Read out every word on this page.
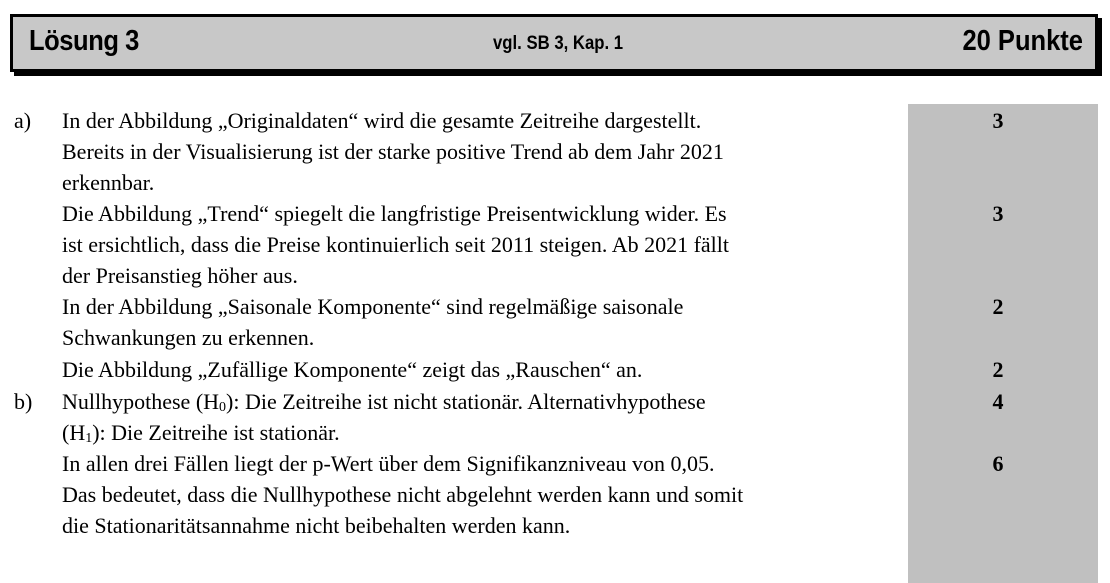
Lösung 3	vgl. SB 3, Kap. 1	20 Punkte
a)
b)
In der Abbildung „Originaldaten“ wird die gesamte Zeitreihe dargestellt.
Bereits in der Visualisierung ist der starke positive Trend ab dem Jahr 2021
erkennbar.
Die Abbildung „Trend“ spiegelt die langfristige Preisentwicklung wider. Es
ist ersichtlich, dass die Preise kontinuierlich seit 2011 steigen. Ab 2021 fällt
der Preisanstieg höher aus.
In der Abbildung „Saisonale Komponente“ sind regelmäßige saisonale
Schwankungen zu erkennen.
Die Abbildung „Zufällige Komponente“ zeigt das „Rauschen“ an.
Nullhypothese $(H_0)$: Die Zeitreihe ist nicht stationär. Alternativhypothese
$(H_1)$: Die Zeitreihe ist stationär.
In allen drei Fällen liegt der p-Wert über dem Signifikanzniveau von 0,05.
Das bedeutet, dass die Nullhypothese nicht abgelehnt werden kann und somit
die Stationaritätsannahme nicht beibehalten werden kann.
3
3
2
2
4
6
